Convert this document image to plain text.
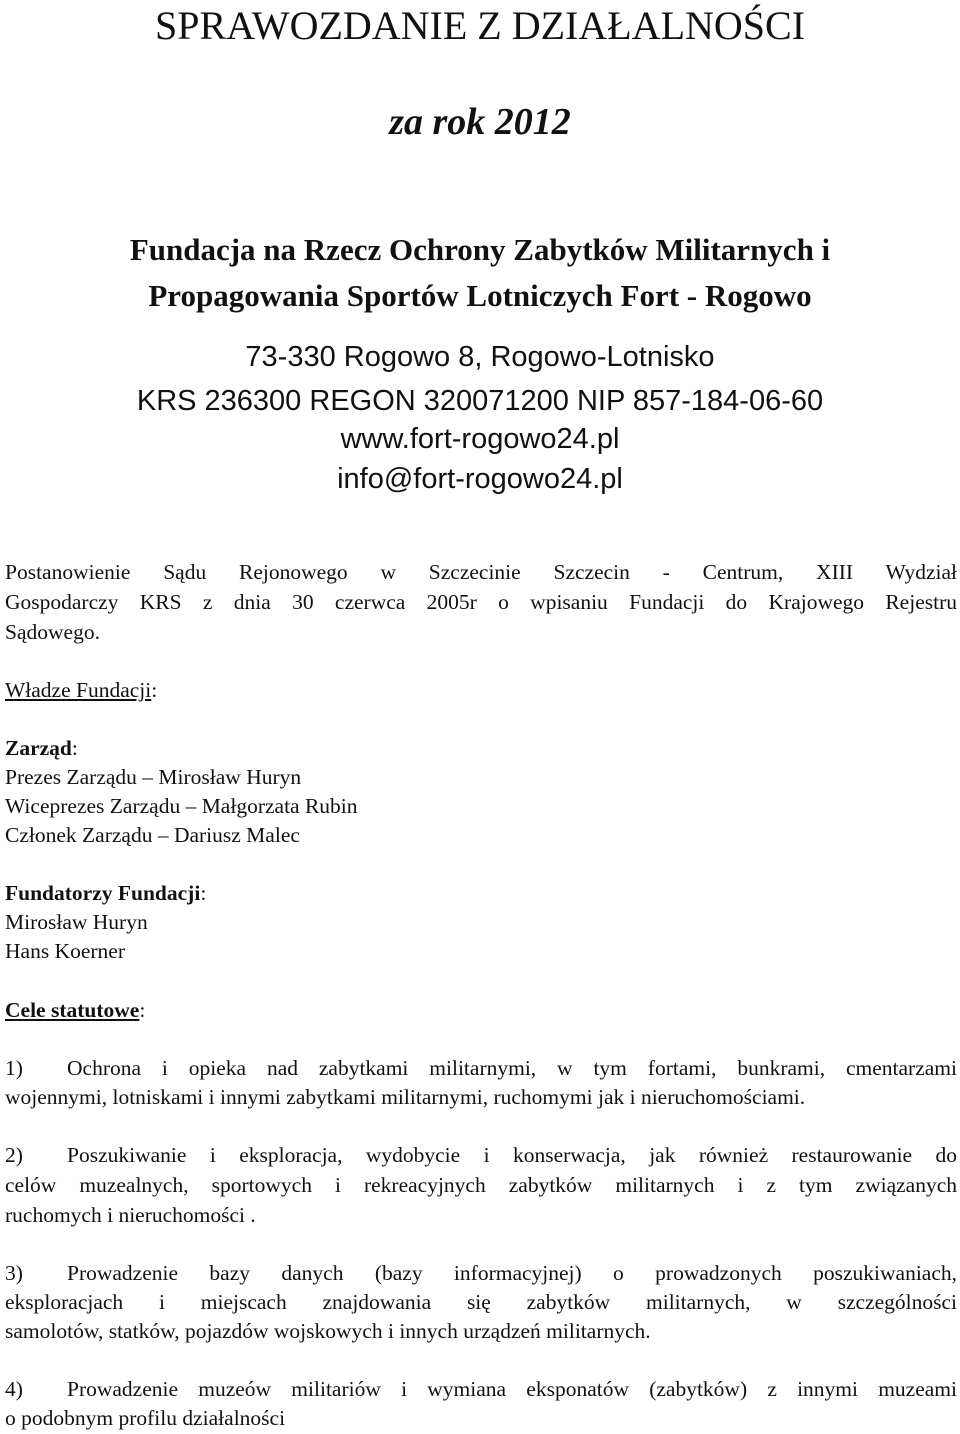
SPRAWOZDANIE Z DZIAŁALNOŚCI
za rok 2012
Fundacja na Rzecz Ochrony Zabytków Militarnych i
Propagowania Sportów Lotniczych Fort - Rogowo
73-330 Rogowo 8, Rogowo-Lotnisko
KRS 236300 REGON 320071200 NIP 857-184-06-60
www.fort-rogowo24.pl
info@fort-rogowo24.pl
Postanowienie Sądu Rejonowego w Szczecinie Szczecin - Centrum, XIII Wydział
Gospodarczy KRS z dnia 30 czerwca 2005r o wpisaniu Fundacji do Krajowego Rejestru
Sądowego.
Władze Fundacji:
Zarząd:
Prezes Zarządu – Mirosław Huryn
Wiceprezes Zarządu – Małgorzata Rubin
Członek Zarządu – Dariusz Malec
Fundatorzy Fundacji:
Mirosław Huryn
Hans Koerner
Cele statutowe:
1) Ochrona i opieka nad zabytkami militarnymi, w tym fortami, bunkrami, cmentarzami
wojennymi, lotniskami i innymi zabytkami militarnymi, ruchomymi jak i nieruchomościami.
2) Poszukiwanie i eksploracja, wydobycie i konserwacja, jak również restaurowanie do
celów muzealnych, sportowych i rekreacyjnych zabytków militarnych i z tym związanych
ruchomych i nieruchomości .
3) Prowadzenie bazy danych (bazy informacyjnej) o prowadzonych poszukiwaniach,
eksploracjach i miejscach znajdowania się zabytków militarnych, w szczególności
samolotów, statków, pojazdów wojskowych i innych urządzeń militarnych.
4) Prowadzenie muzeów militariów i wymiana eksponatów (zabytków) z innymi muzeami
o podobnym profilu działalności
